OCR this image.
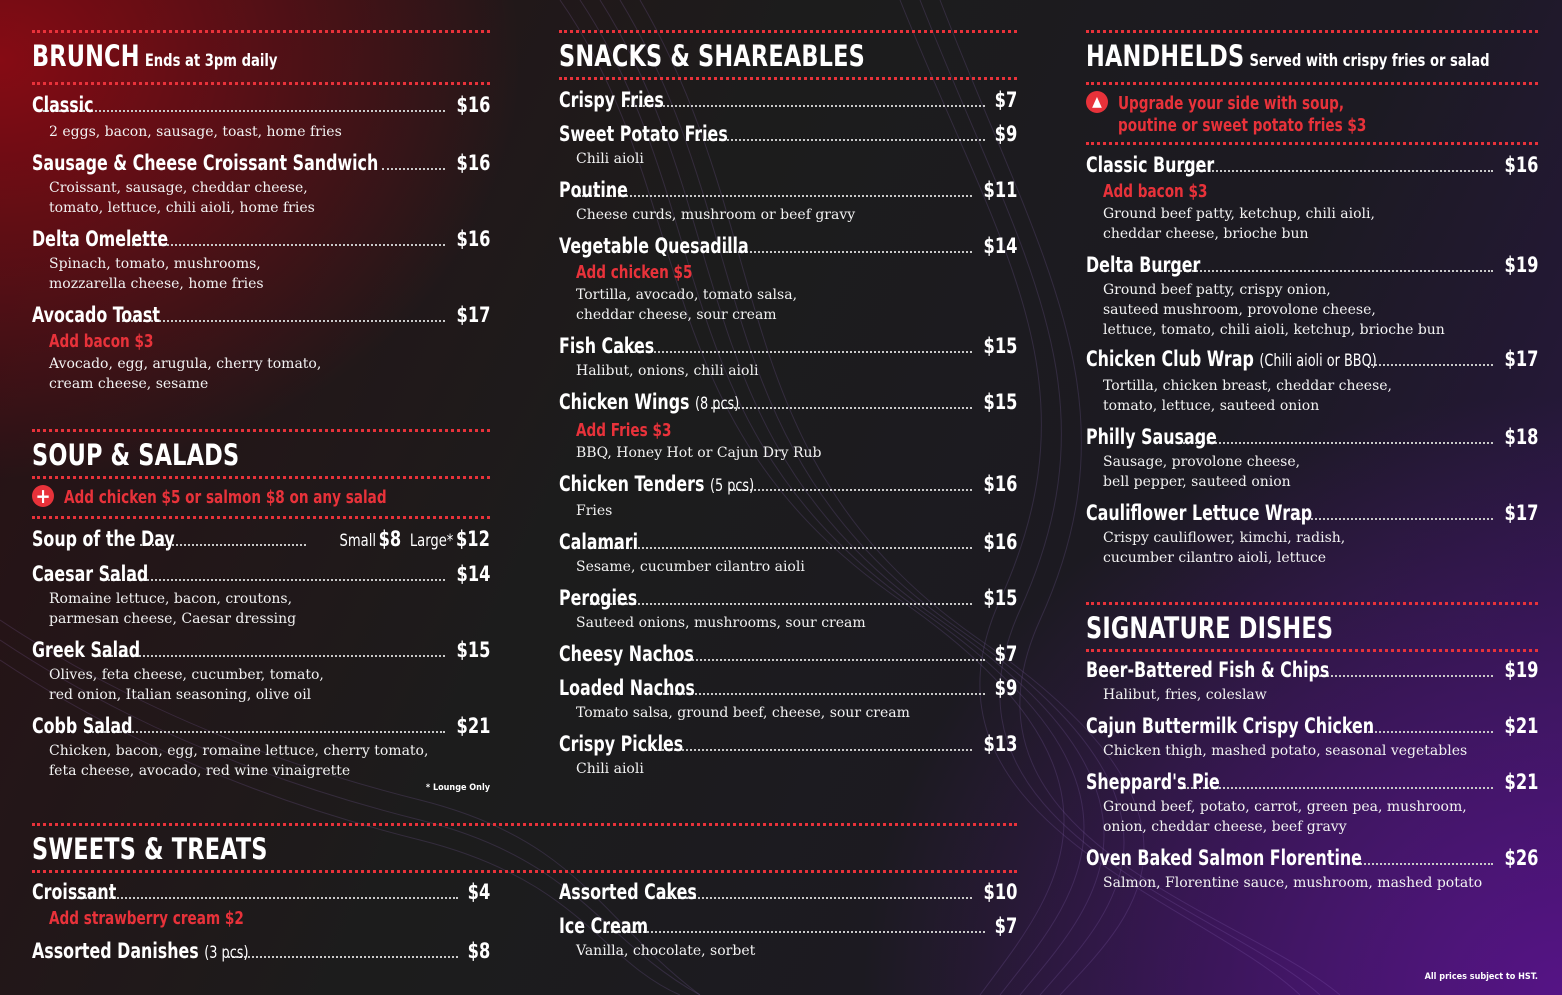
BRUNCH Ends at 3pm daily
Classic	$16
2 eggs, bacon, sausage, toast, home fries
Sausage & Cheese Croissant Sandwich	$16
Croissant, sausage, cheddar cheese,
tomato, lettuce, chili aioli, home fries
Delta Omelette	$16
Spinach, tomato, mushrooms,
mozzarella cheese, home fries
Avocado Toast	$17
Add bacon $3
Avocado, egg, arugula, cherry tomato,
cream cheese, sesame
SOUP & SALADS
+ Add chicken $5 or salmon $8 on any salad
Soup of the Day	Small $8 Large* $12
Caesar Salad	$14
Romaine lettuce, bacon, croutons,
parmesan cheese, Caesar dressing
Greek Salad	$15
Olives, feta cheese, cucumber, tomato,
red onion, Italian seasoning, olive oil
Cobb Salad	$21
Chicken, bacon, egg, romaine lettuce, cherry tomato,
feta cheese, avocado, red wine vinaigrette
* Lounge Only
SWEETS & TREATS
Croissant	$4
Add strawberry cream $2
Assorted Danishes (3 pcs)	$8
Assorted Cakes	$10
Ice Cream	$7
Vanilla, chocolate, sorbet
SNACKS & SHAREABLES
Crispy Fries	$7
Sweet Potato Fries	$9
Chili aioli
Poutine	$11
Cheese curds, mushroom or beef gravy
Vegetable Quesadilla	$14
Add chicken $5
Tortilla, avocado, tomato salsa,
cheddar cheese, sour cream
Fish Cakes	$15
Halibut, onions, chili aioli
Chicken Wings (8 pcs)	$15
Add Fries $3
BBQ, Honey Hot or Cajun Dry Rub
Chicken Tenders (5 pcs)	$16
Fries
Calamari	$16
Sesame, cucumber cilantro aioli
Perogies	$15
Sauteed onions, mushrooms, sour cream
Cheesy Nachos	$7
Loaded Nachos	$9
Tomato salsa, ground beef, cheese, sour cream
Crispy Pickles	$13
Chili aioli
HANDHELDS Served with crispy fries or salad
▲ Upgrade your side with soup,
poutine or sweet potato fries $3
Classic Burger	$16
Add bacon $3
Ground beef patty, ketchup, chili aioli,
cheddar cheese, brioche bun
Delta Burger	$19
Ground beef patty, crispy onion,
sauteed mushroom, provolone cheese,
lettuce, tomato, chili aioli, ketchup, brioche bun
Chicken Club Wrap (Chili aioli or BBQ)	$17
Tortilla, chicken breast, cheddar cheese,
tomato, lettuce, sauteed onion
Philly Sausage	$18
Sausage, provolone cheese,
bell pepper, sauteed onion
Cauliflower Lettuce Wrap	$17
Crispy cauliflower, kimchi, radish,
cucumber cilantro aioli, lettuce
SIGNATURE DISHES
Beer-Battered Fish & Chips	$19
Halibut, fries, coleslaw
Cajun Buttermilk Crispy Chicken	$21
Chicken thigh, mashed potato, seasonal vegetables
Sheppard's Pie	$21
Ground beef, potato, carrot, green pea, mushroom,
onion, cheddar cheese, beef gravy
Oven Baked Salmon Florentine	$26
Salmon, Florentine sauce, mushroom, mashed potato
All prices subject to HST.
